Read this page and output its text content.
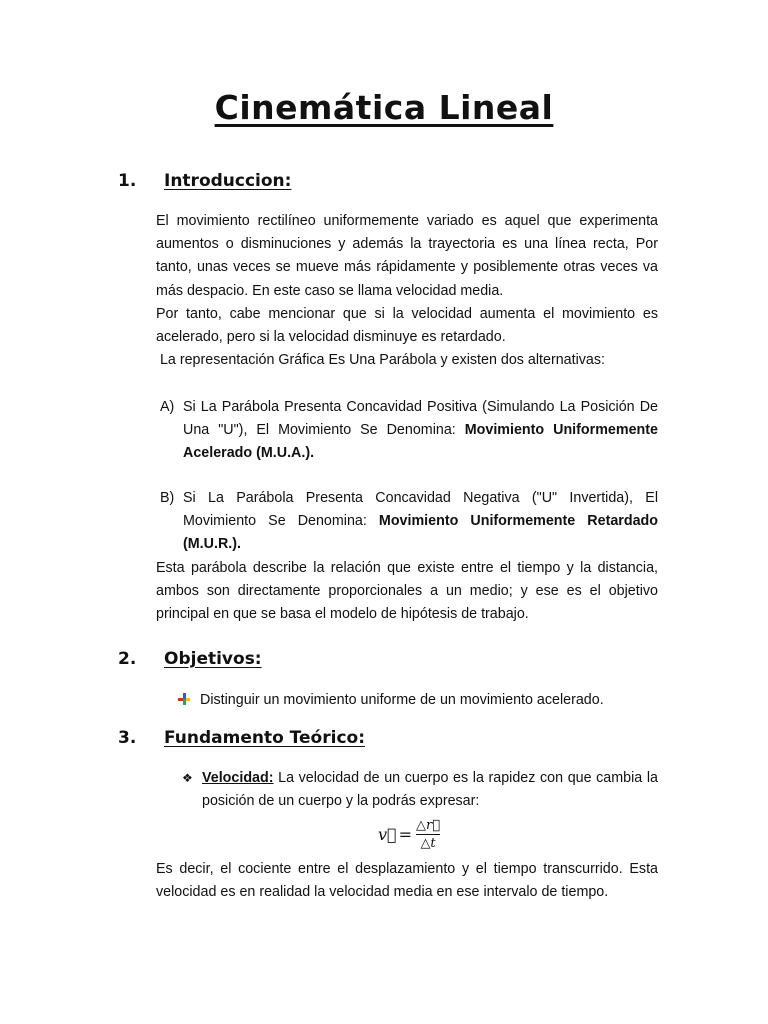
Cinemática Lineal
1. Introduccion:

El movimiento rectilíneo uniformemente variado es aquel que experimenta aumentos o disminuciones y además la trayectoria es una línea recta, Por tanto, unas veces se mueve más rápidamente y posiblemente otras veces va más despacio. En este caso se llama velocidad media.

Por tanto, cabe mencionar que si la velocidad aumenta el movimiento es acelerado, pero si la velocidad disminuye es retardado.

La representación Gráfica Es Una Parábola y existen dos alternativas:

A) Si La Parábola Presenta Concavidad Positiva (Simulando La Posición De Una "U"), El Movimiento Se Denomina: Movimiento Uniformemente Acelerado (M.U.A.).
B) Si La Parábola Presenta Concavidad Negativa ("U" Invertida), El Movimiento Se Denomina: Movimiento Uniformemente Retardado (M.U.R.).

Esta parábola describe la relación que existe entre el tiempo y la distancia, ambos son directamente proporcionales a un medio; y ese es el objetivo principal en que se basa el modelo de hipótesis de trabajo.

2. Objetivos:
Distinguir un movimiento uniforme de un movimiento acelerado.
3. Fundamento Teórico:
❖ Velocidad: La velocidad de un cuerpo es la rapidez con que cambia la posición de un cuerpo y la podrás expresar:
v⃗ = $\frac{\triangle r⃗}{\triangle t}$

Es decir, el cociente entre el desplazamiento y el tiempo transcurrido. Esta velocidad es en realidad la velocidad media en ese intervalo de tiempo.
